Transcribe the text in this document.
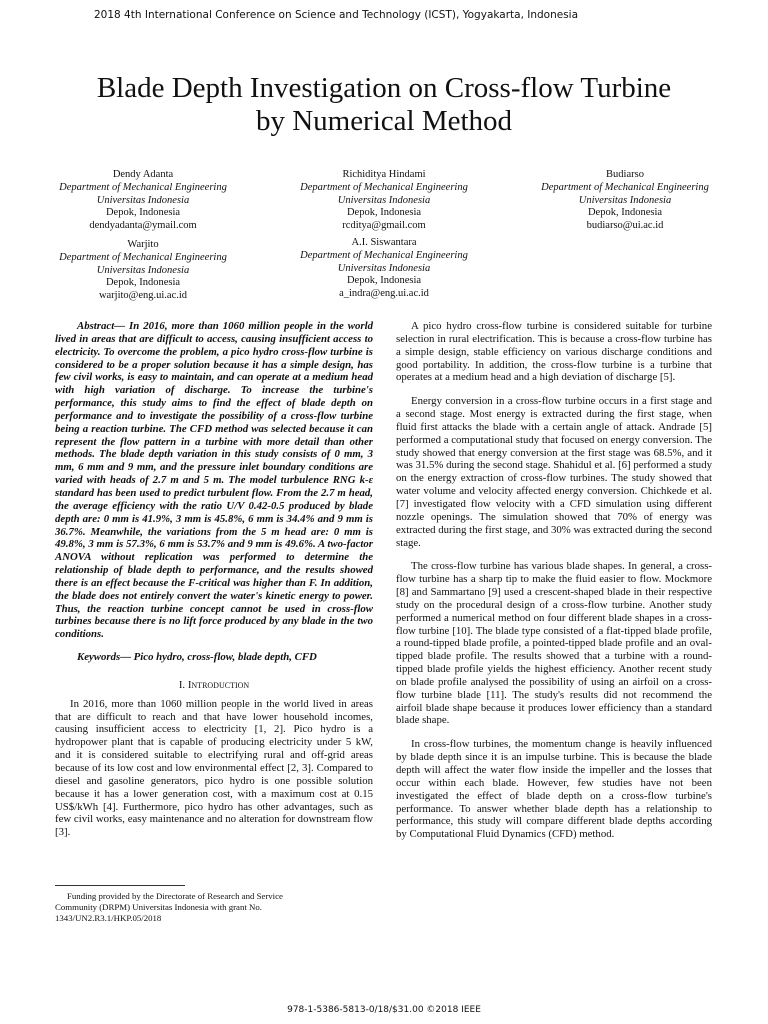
2018 4th International Conference on Science and Technology (ICST), Yogyakarta, Indonesia
Blade Depth Investigation on Cross-flow Turbine
by Numerical Method
Dendy Adanta
Department of Mechanical Engineering
Universitas Indonesia
Depok, Indonesia
dendyadanta@ymail.com
Richiditya Hindami
Department of Mechanical Engineering
Universitas Indonesia
Depok, Indonesia
rcditya@gmail.com
Budiarso
Department of Mechanical Engineering
Universitas Indonesia
Depok, Indonesia
budiarso@ui.ac.id
Warjito
Department of Mechanical Engineering
Universitas Indonesia
Depok, Indonesia
warjito@eng.ui.ac.id
A.I. Siswantara
Department of Mechanical Engineering
Universitas Indonesia
Depok, Indonesia
a_indra@eng.ui.ac.id

Abstract— In 2016, more than 1060 million people in the world lived in areas that are difficult to access, causing insufficient access to electricity. To overcome the problem, a pico hydro cross-flow turbine is considered to be a proper solution because it has a simple design, has few civil works, is easy to maintain, and can operate at a medium head with high variation of discharge. To increase the turbine's performance, this study aims to find the effect of blade depth on performance and to investigate the possibility of a cross-flow turbine being a reaction turbine. The CFD method was selected because it can represent the flow pattern in a turbine with more detail than other methods. The blade depth variation in this study consists of 0 mm, 3 mm, 6 mm and 9 mm, and the pressure inlet boundary conditions are varied with heads of 2.7 m and 5 m. The model turbulence RNG k-ε standard has been used to predict turbulent flow. From the 2.7 m head, the average efficiency with the ratio U/V 0.42-0.5 produced by blade depth are: 0 mm is 41.9%, 3 mm is 45.8%, 6 mm is 34.4% and 9 mm is 36.7%. Meanwhile, the variations from the 5 m head are: 0 mm is 49.8%, 3 mm is 57.3%, 6 mm is 53.7% and 9 mm is 49.6%. A two-factor ANOVA without replication was performed to determine the relationship of blade depth to performance, and the results showed there is an effect because the F-critical was higher than F. In addition, the blade does not entirely convert the water's kinetic energy to power. Thus, the reaction turbine concept cannot be used in cross-flow turbines because there is no lift force produced by any blade in the two conditions.

Keywords— Pico hydro, cross-flow, blade depth, CFD

I. Introduction

In 2016, more than 1060 million people in the world lived in areas that are difficult to reach and that have lower household incomes, causing insufficient access to electricity [1, 2]. Pico hydro is a hydropower plant that is capable of producing electricity under 5 kW, and it is considered suitable to electrifying rural and off-grid areas because of its low cost and low environmental effect [2, 3]. Compared to diesel and gasoline generators, pico hydro is one possible solution because it has a lower generation cost, with a maximum cost at 0.15 US$/kWh [4]. Furthermore, pico hydro has other advantages, such as few civil works, easy maintenance and no alteration for downstream flow [3].

A pico hydro cross-flow turbine is considered suitable for turbine selection in rural electrification. This is because a cross-flow turbine has a simple design, stable efficiency on various discharge conditions and good portability. In addition, the cross-flow turbine is a turbine that operates at a medium head and a high deviation of discharge [5].

Energy conversion in a cross-flow turbine occurs in a first stage and a second stage. Most energy is extracted during the first stage, when fluid first attacks the blade with a certain angle of attack. Andrade [5] performed a computational study that focused on energy conversion. The study showed that energy conversion at the first stage was 68.5%, and it was 31.5% during the second stage. Shahidul et al. [6] performed a study on the energy extraction of cross-flow turbines. The study showed that water volume and velocity affected energy conversion. Chichkede et al. [7] investigated flow velocity with a CFD simulation using different nozzle openings. The simulation showed that 70% of energy was extracted during the first stage, and 30% was extracted during the second stage.

The cross-flow turbine has various blade shapes. In general, a cross-flow turbine has a sharp tip to make the fluid easier to flow. Mockmore [8] and Sammartano [9] used a crescent-shaped blade in their respective study on the procedural design of a cross-flow turbine. Another study performed a numerical method on four different blade shapes in a cross-flow turbine [10]. The blade type consisted of a flat-tipped blade profile, a round-tipped blade profile, a pointed-tipped blade profile and an oval-tipped blade profile. The results showed that a turbine with a round-tipped blade profile yields the highest efficiency. Another recent study on blade profile analysed the possibility of using an airfoil on a cross-flow turbine blade [11]. The study's results did not recommend the airfoil blade shape because it produces lower efficiency than a standard blade shape.

In cross-flow turbines, the momentum change is heavily influenced by blade depth since it is an impulse turbine. This is because the blade depth will affect the water flow inside the impeller and the losses that occur within each blade. However, few studies have not been investigated the effect of blade depth on a cross-flow turbine's performance. To answer whether blade depth has a relationship to performance, this study will compare different blade depths according by Computational Fluid Dynamics (CFD) method.

Funding provided by the Directorate of Research and Service
Community (DRPM) Universitas Indonesia with grant No.
1343/UN2.R3.1/HKP.05/2018
978-1-5386-5813-0/18/$31.00 ©2018 IEEE
